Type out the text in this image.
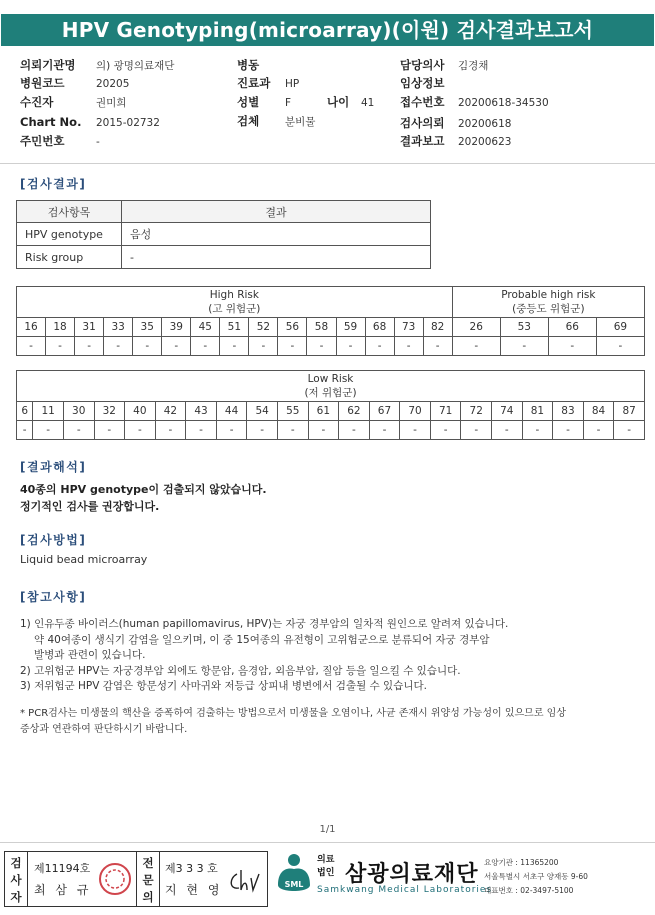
HPV Genotyping(microarray)(이원) 검사결과보고서
의뢰기관명 의) 광명의료재단
병원코드	20205
수진자	권미희
Chart No. 2015-02732
주민번호	-
병동
진료과 HP
성별 F	나이 41
검체 분비물
담당의사 김경채
임상정보
접수번호 20200618-34530
검사의뢰 20200618
결과보고 20200623
[검사결과]
검사항목	결과
HPV genotype	음성
Risk group	-
High Risk
(고 위험군)															Probable high risk
(중등도 위험군)			
16	18	31	33	35	39	45	51	52	56	58	59	68	73	82	26	53	66	69
-	-	-	-	-	-	-	-	-	-	-	-	-	-	-	-	-	-	-
Low Risk
(저 위험군)																				
6	11	30	32	40	42	43	44	54	55	61	62	67	70	71	72	74	81	83	84	87
-	-	-	-	-	-	-	-	-	-	-	-	-	-	-	-	-	-	-	-	-
[결과해석]
40종의 HPV genotype이 검출되지 않았습니다.
정기적인 검사를 권장합니다.
[검사방법]
Liquid bead microarray
[참고사항]
1) 인유두종 바이러스(human papillomavirus, HPV)는 자궁 경부암의 일차적 원인으로 알려져 있습니다.
약 40여종이 생식기 감염을 일으키며, 이 중 15여종의 유전형이 고위험군으로 분류되어 자궁 경부암
발병과 관련이 있습니다.
2) 고위험군 HPV는 자궁경부암 외에도 항문암, 음경암, 외음부암, 질암 등을 일으킬 수 있습니다.
3) 저위험군 HPV 감염은 항문성기 사마귀와 저등급 상피내 병변에서 검출될 수 있습니다.
* PCR검사는 미생물의 핵산을 증폭하여 검출하는 방법으로서 미생물을 오염이나, 사균 존재시 위양성 가능성이 있으므로 임상
증상과 연관하여 판단하시기 바랍니다.
1/1
검
사
자
제11194호
최 삼 규
전
문
의
제3 3 3 호
지 현 영	SML
의료
법인 삼광의료재단
Samkwang Medical Laboratories
요양기관 : 11365200
서울특별시 서초구 양재동 9-60
대표번호 : 02-3497-5100
